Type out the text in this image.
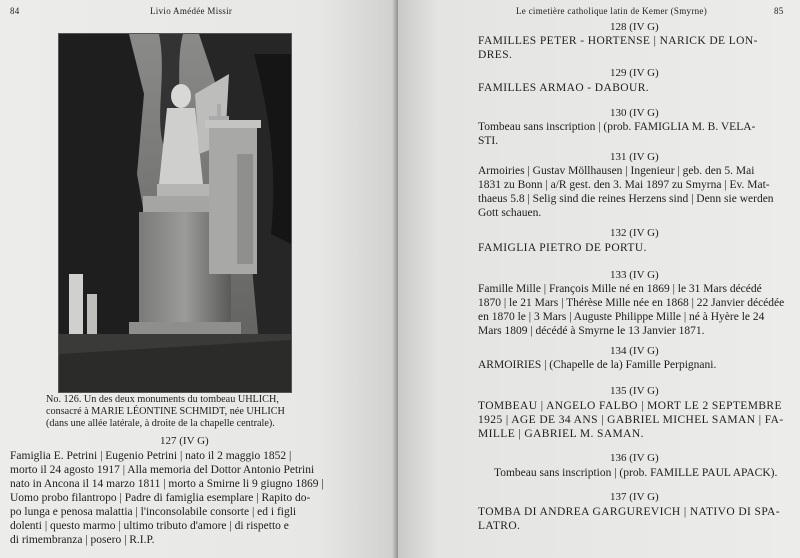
84	Livio Amédée Missir
No. 126. Un des deux monuments du tombeau UHLICH,
consacré à MARIE LÉONTINE SCHMIDT, née UHLICH
(dans une allée latérale, à droite de la chapelle centrale).
127 (IV G)
Famiglia E. Petrini | Eugenio Petrini | nato il 2 maggio 1852 |
morto il 24 agosto 1917 | Alla memoria del Dottor Antonio Petrini
nato in Ancona il 14 marzo 1811 | morto a Smirne li 9 giugno 1869 |
Uomo probo filantropo | Padre di famiglia esemplare | Rapito do-
po lunga e penosa malattia | l'inconsolabile consorte | ed i figli
dolenti | questo marmo | ultimo tributo d'amore | di rispetto e
di rimembranza | posero | R.I.P.
Le cimetière catholique latin de Kemer (Smyrne)	85
128 (IV G)
FAMILLES PETER - HORTENSE | NARICK DE LON-
DRES.
129 (IV G)
FAMILLES ARMAO - DABOUR.
130 (IV G)
Tombeau sans inscription | (prob. FAMIGLIA M. B. VELA-
STI.
131 (IV G)
Armoiries | Gustav Möllhausen | Ingenieur | geb. den 5. Mai
1831 zu Bonn | a/R gest. den 3. Mai 1897 zu Smyrna | Ev. Mat-
thaeus 5.8 | Selig sind die reines Herzens sind | Denn sie werden
Gott schauen.
132 (IV G)
FAMIGLIA PIETRO DE PORTU.
133 (IV G)
Famille Mille | François Mille né en 1869 | le 31 Mars décédé
1870 | le 21 Mars | Thérèse Mille née en 1868 | 22 Janvier décédée
en 1870 le | 3 Mars | Auguste Philippe Mille | né à Hyère le 24
Mars 1809 | décédé à Smyrne le 13 Janvier 1871.
134 (IV G)
ARMOIRIES | (Chapelle de la) Famille Perpignani.
135 (IV G)
TOMBEAU | ANGELO FALBO | MORT LE 2 SEPTEMBRE
1925 | AGE DE 34 ANS | GABRIEL MICHEL SAMAN | FA-
MILLE | GABRIEL M. SAMAN.
136 (IV G)
Tombeau sans inscription | (prob. FAMILLE PAUL APACK).
137 (IV G)
TOMBA DI ANDREA GARGUREVICH | NATIVO DI SPA-
LATRO.
